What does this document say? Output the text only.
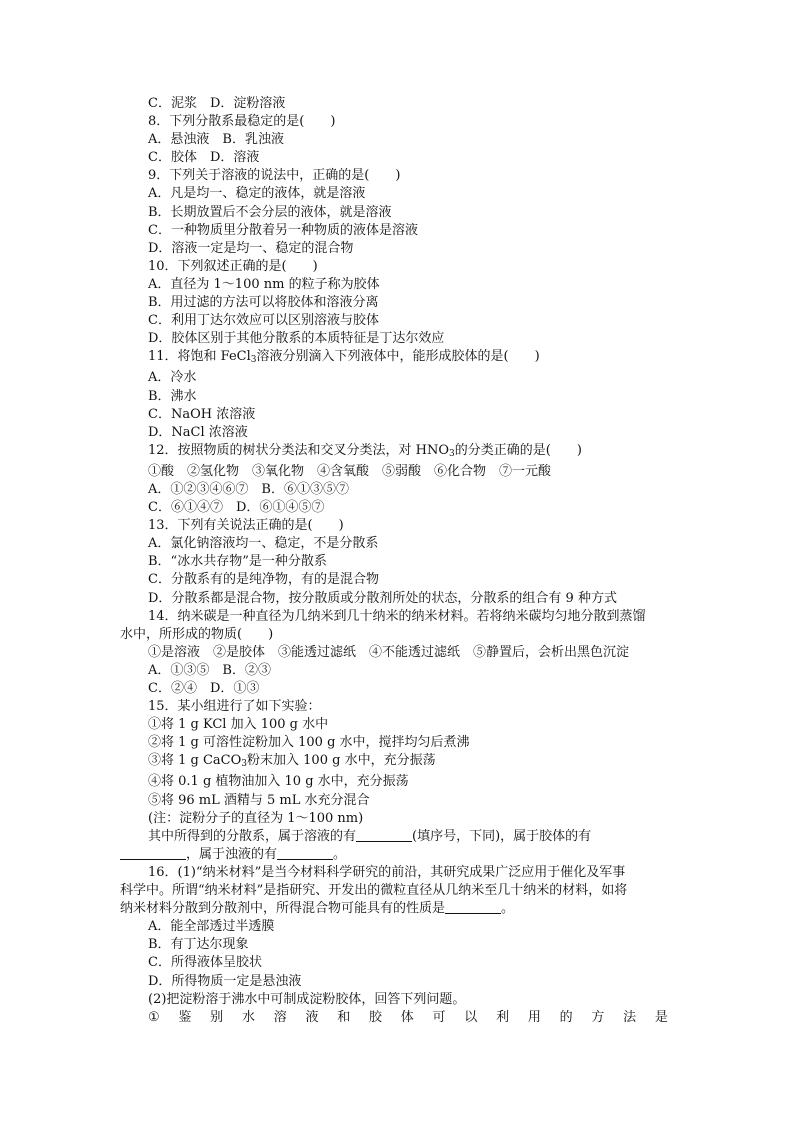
C．泥浆　D．淀粉溶液
8．下列分散系最稳定的是(　　)
A．悬浊液　B．乳浊液
C．胶体　D．溶液
9．下列关于溶液的说法中，正确的是(　　)
A．凡是均一、稳定的液体，就是溶液
B．长期放置后不会分层的液体，就是溶液
C．一种物质里分散着另一种物质的液体是溶液
D．溶液一定是均一、稳定的混合物
10．下列叙述正确的是(　　)
A．直径为 1～100 nm 的粒子称为胶体
B．用过滤的方法可以将胶体和溶液分离
C．利用丁达尔效应可以区别溶液与胶体
D．胶体区别于其他分散系的本质特征是丁达尔效应
11．将饱和 FeCl$_3$溶液分别滴入下列液体中，能形成胶体的是(　　)
A．冷水
B．沸水
C．NaOH 浓溶液
D．NaCl 浓溶液
12．按照物质的树状分类法和交叉分类法，对 $HNO_3$的分类正确的是(　　)
①酸　②氢化物　③氧化物　④含氧酸　⑤弱酸　⑥化合物　⑦一元酸
A．①②③④⑥⑦　B．⑥①③⑤⑦
C．⑥①④⑦　D．⑥①④⑤⑦
13．下列有关说法正确的是(　　)
A．氯化钠溶液均一、稳定，不是分散系
B．“冰水共存物”是一种分散系
C．分散系有的是纯净物，有的是混合物
D．分散系都是混合物，按分散质或分散剂所处的状态，分散系的组合有 9 种方式
14．纳米碳是一种直径为几纳米到几十纳米的纳米材料。若将纳米碳均匀地分散到蒸馏
水中，所形成的物质(　　)
①是溶液　②是胶体　③能透过滤纸　④不能透过滤纸　⑤静置后，会析出黑色沉淀
A．①③⑤　B．②③
C．②④　D．①③
15．某小组进行了如下实验：
①将 1 g KCl 加入 100 g 水中
②将 1 g 可溶性淀粉加入 100 g 水中，搅拌均匀后煮沸
③将 1 g CaCO$_3$粉末加入 100 g 水中，充分振荡
④将 0.1 g 植物油加入 10 g 水中，充分振荡
⑤将 96 mL 酒精与 5 mL 水充分混合
(注：淀粉分子的直径为 1～100 nm)
其中所得到的分散系，属于溶液的有	(填序号，下同)，属于胶体的有
，属于浊液的有	。
16．(1)“纳米材料”是当今材料科学研究的前沿，其研究成果广泛应用于催化及军事
科学中。所谓“纳米材料”是指研究、开发出的微粒直径从几纳米至几十纳米的材料，如将
纳米材料分散到分散剂中，所得混合物可能具有的性质是	。
A．能全部透过半透膜
B．有丁达尔现象
C．所得液体呈胶状
D．所得物质一定是悬浊液
(2)把淀粉溶于沸水中可制成淀粉胶体，回答下列问题。
① 鉴 别 水 溶 液 和 胶 体 可 以 利 用 的 方 法 是
